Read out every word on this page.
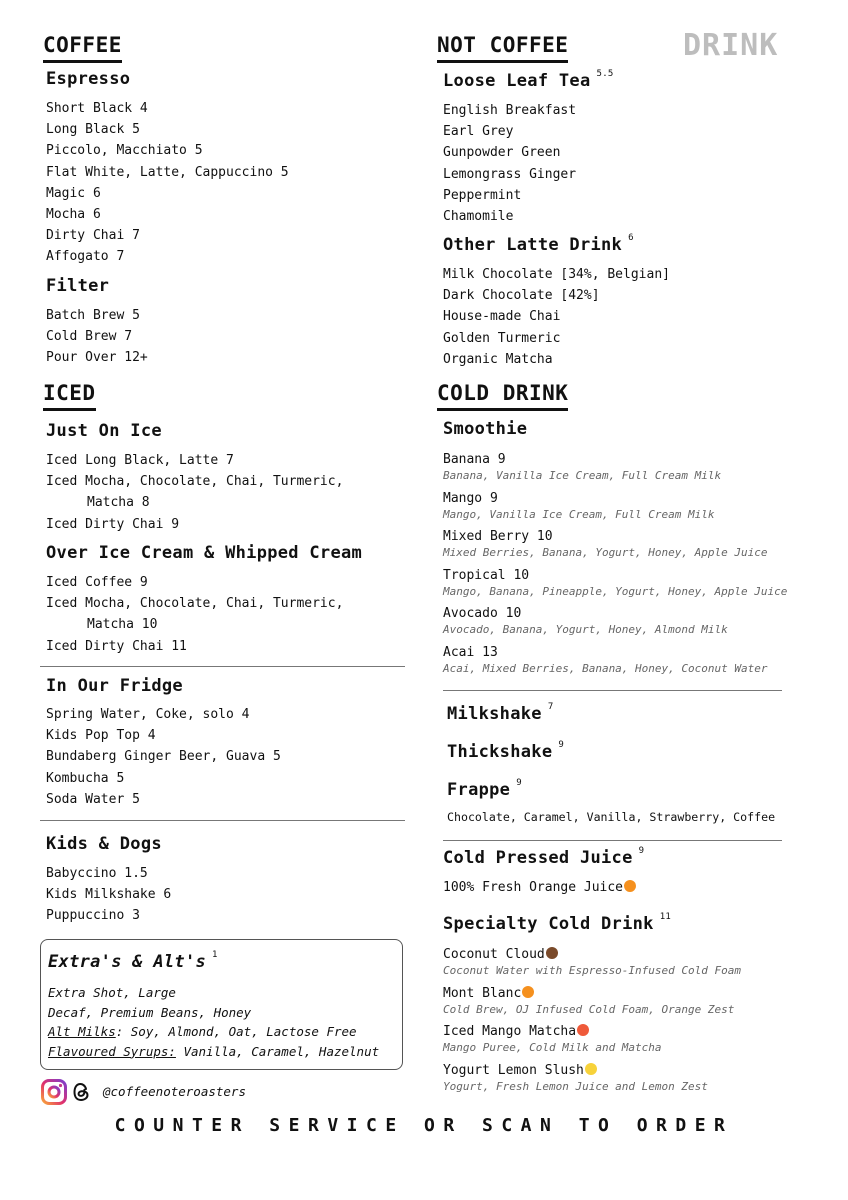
DRINK
COFFEE
Espresso
Short Black 4
Long Black 5
Piccolo, Macchiato 5
Flat White, Latte, Cappuccino 5
Magic 6
Mocha 6
Dirty Chai 7
Affogato 7
Filter
Batch Brew 5
Cold Brew 7
Pour Over 12+
ICED
Just On Ice
Iced Long Black, Latte 7
Iced Mocha, Chocolate, Chai, Turmeric,
Matcha 8
Iced Dirty Chai 9
Over Ice Cream & Whipped Cream
Iced Coffee 9
Iced Mocha, Chocolate, Chai, Turmeric,
Matcha 10
Iced Dirty Chai 11
In Our Fridge
Spring Water, Coke, solo 4
Kids Pop Top 4
Bundaberg Ginger Beer, Guava 5
Kombucha 5
Soda Water 5
Kids & Dogs
Babyccino 1.5
Kids Milkshake 6
Puppuccino 3
Extra's & Alt's $^1$
Extra Shot, Large
Decaf, Premium Beans, Honey
Alt Milks: Soy, Almond, Oat, Lactose Free
Flavoured Syrups: Vanilla, Caramel, Hazelnut
@coffeenoteroasters
NOT COFFEE
Loose Leaf Tea $^{5.5}$
English Breakfast
Earl Grey
Gunpowder Green
Lemongrass Ginger
Peppermint
Chamomile
Other Latte Drink $^6$
Milk Chocolate [34%, Belgian]
Dark Chocolate [42%]
House-made Chai
Golden Turmeric
Organic Matcha
COLD DRINK
Smoothie
Banana 9
Banana, Vanilla Ice Cream, Full Cream Milk
Mango 9
Mango, Vanilla Ice Cream, Full Cream Milk
Mixed Berry 10
Mixed Berries, Banana, Yogurt, Honey, Apple Juice
Tropical 10
Mango, Banana, Pineapple, Yogurt, Honey, Apple Juice
Avocado 10
Avocado, Banana, Yogurt, Honey, Almond Milk
Acai 13
Acai, Mixed Berries, Banana, Honey, Coconut Water
Milkshake $^7$
Thickshake $^9$
Frappe $^9$
Chocolate, Caramel, Vanilla, Strawberry, Coffee
Cold Pressed Juice $^9$
100% Fresh Orange Juice
Specialty Cold Drink $^{11}$
Coconut Cloud
Coconut Water with Espresso-Infused Cold Foam
Mont Blanc
Cold Brew, OJ Infused Cold Foam, Orange Zest
Iced Mango Matcha
Mango Puree, Cold Milk and Matcha
Yogurt Lemon Slush
Yogurt, Fresh Lemon Juice and Lemon Zest
COUNTER SERVICE OR SCAN TO ORDER
